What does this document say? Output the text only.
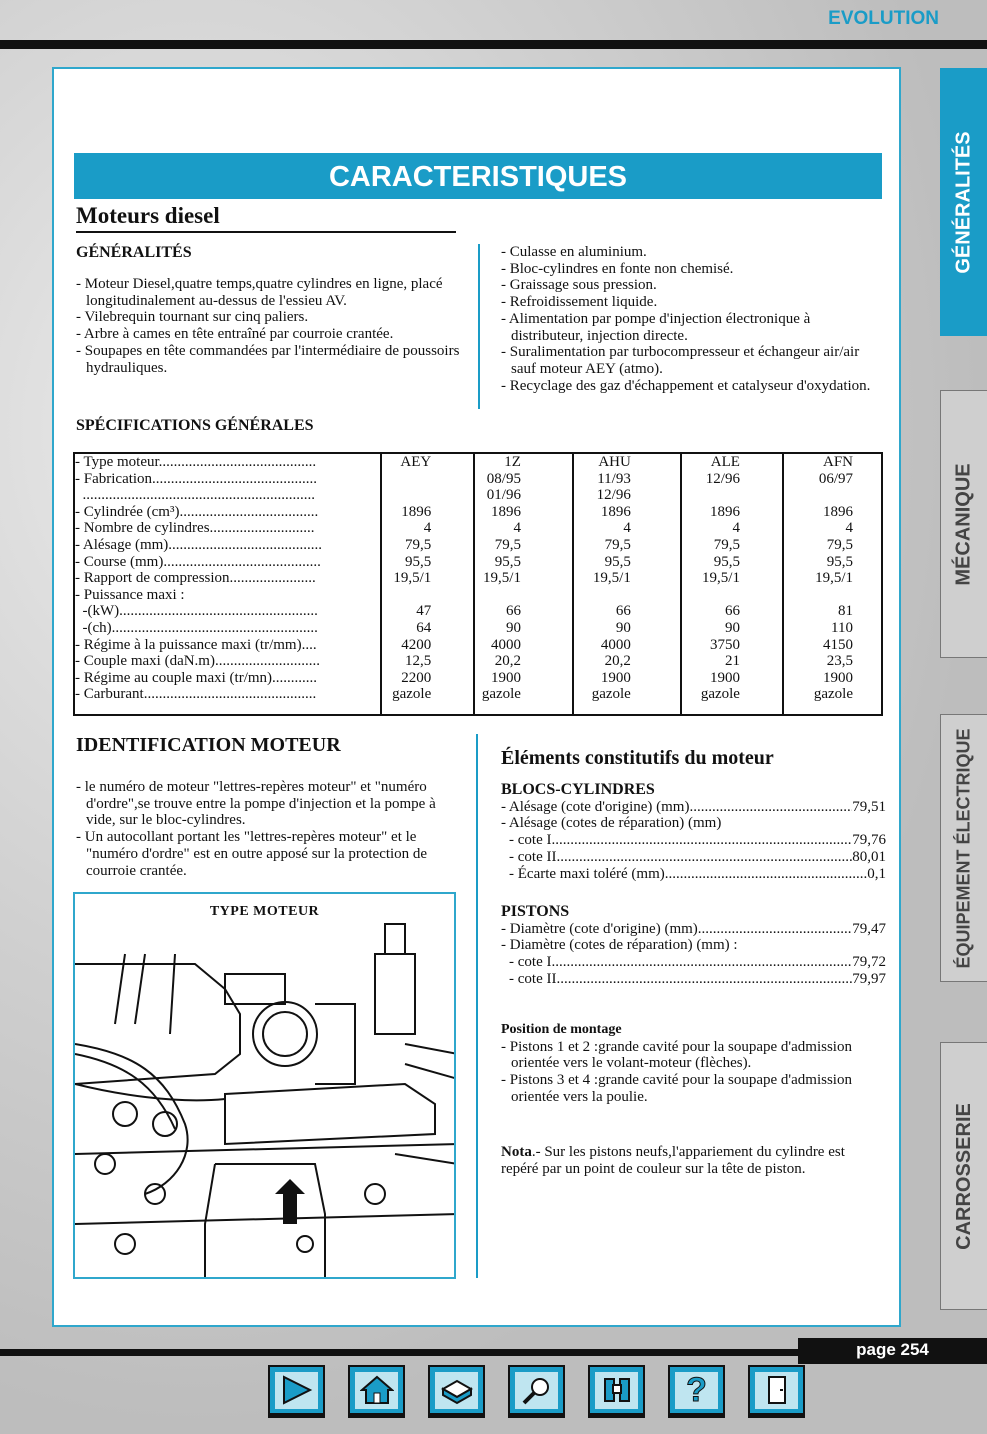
EVOLUTION
GÉNÉRALITÉS
MÉCANIQUE
ÉQUIPEMENT ÉLECTRIQUE
CARROSSERIE
CARACTERISTIQUES
Moteurs diesel
GÉNÉRALITÉS

- Moteur Diesel,quatre temps,quatre cylindres en ligne, placé longitudinalement au-dessus de l'essieu AV.

- Vilebrequin tournant sur cinq paliers.

- Arbre à cames en tête entraîné par courroie crantée.

- Soupapes en tête commandées par l'intermédiaire de poussoirs hydrauliques.

- Culasse en aluminium.

- Bloc-cylindres en fonte non chemisé.

- Graissage sous pression.

- Refroidissement liquide.

- Alimentation par pompe d'injection électronique à distributeur, injection directe.

- Suralimentation par turbocompresseur et échangeur air/air sauf moteur AEY (atmo).

- Recyclage des gaz d'échappement et catalyseur d'oxydation.

SPÉCIFICATIONS GÉNÉRALES
- Type moteur..........................................	AEY	1Z	AHU	ALE	AFN
- Fabrication............................................		08/95	11/93	12/96	06/97
..............................................................		01/96	12/96		
- Cylindrée (cm³).....................................	1896	1896	1896	1896	1896
- Nombre de cylindres............................	4	4	4	4	4
- Alésage (mm).........................................	79,5	79,5	79,5	79,5	79,5
- Course (mm)..........................................	95,5	95,5	95,5	95,5	95,5
- Rapport de compression.......................	19,5/1	19,5/1	19,5/1	19,5/1	19,5/1
- Puissance maxi :					
-(kW).....................................................	47	66	66	66	81
-(ch).......................................................	64	90	90	90	110
- Régime à la puissance maxi (tr/mm)....	4200	4000	4000	3750	4150
- Couple maxi (daN.m)............................	12,5	20,2	20,2	21	23,5
- Régime au couple maxi (tr/mn)............	2200	1900	1900	1900	1900
- Carburant..............................................	gazole	gazole	gazole	gazole	gazole
IDENTIFICATION MOTEUR

- le numéro de moteur "lettres-repères moteur" et "numéro d'ordre",se trouve entre la pompe d'injection et la pompe à vide, sur le bloc-cylindres.

- Un autocollant portant les "lettres-repères moteur" et le "numéro d'ordre" est en outre apposé sur la protection de courroie crantée.

TYPE MOTEUR
Éléments constitutifs du moteur
BLOCS-CYLINDRES
- Alésage (cote d'origine) (mm) .....	79,51
- Alésage (cotes de réparation) (mm)
- cote I .....	79,76
- cote II .....	80,01
- Écarte maxi toléré (mm) .....	0,1
PISTONS
- Diamètre (cote d'origine) (mm) .....	79,47
- Diamètre (cotes de réparation) (mm) :
- cote I .....	79,72
- cote II .....	79,97
Position de montage

- Pistons 1 et 2 :grande cavité pour la soupape d'admission orientée vers le volant-moteur (flèches).

- Pistons 3 et 4 :grande cavité pour la soupape d'admission orientée vers la poulie.

Nota.- Sur les pistons neufs,l'appariement du cylindre est repéré par un point de couleur sur la tête de piston.
page 254
?
